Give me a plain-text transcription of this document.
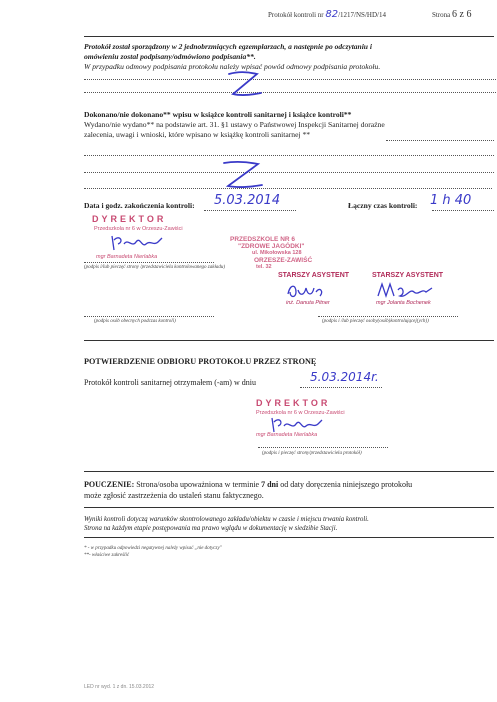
Protokół kontroli nr 82/1217/NS/HD/14	Strona 6 z 6
Protokół został sporządzony w 2 jednobrzmiących egzemplarzach, a następnie po odczytaniu i
omówieniu zostal podpisany/odmówiono podpisania**.
W przypadku odmowy podpisania protokołu należy wpisać powód odmowy podpisania protokołu.
Dokonano/nie dokonano** wpisu w książce kontroli sanitarnej i książce kontroli**
Wydano/nie wydano** na podstawie art. 31. §1 ustawy o Państwowej Inspekcji Sanitarnej doraźne
zalecenia, uwagi i wnioski, które wpisano w książkę kontroli sanitarnej **
Data i godz. zakończenia kontroli: 5.03.2014	Łączny czas kontroli: 1 h 40
DYREKTOR
Przedszkola nr 6 w Orzeszu-Zawiści
mgr Barnadeta Nierlabka
(podpis i/lub pieczęć strony /przedstawiciela kontrolowanego zakładu)
PRZEDSZKOLE NR 6
"ZDROWE JAGÓDKI"
ul. Mikołowska 128
ORZESZE-ZAWIŚĆ
tel. 32
STARSZY ASYSTENT
inż. Danuta Pitner
STARSZY ASYSTENT
mgr Jolanta Bochenek
(podpis osób obecnych podczas kontroli)	(podpis i /lub pieczęć osoby(osób)kontrolującej(ych))
POTWIERDZENIE ODBIORU PROTOKOŁU PRZEZ STRONĘ
Protokół kontroli sanitarnej otrzymałem (-am) w dniu	5.03.2014r.
DYREKTOR
Przedszkola nr 6 w Orzeszu-Zawiści
mgr Barnadeta Nierlabka
(podpis i pieczęć strony/przedstawiciela protokół)
POUCZENIE: Strona/osoba upoważniona w terminie 7 dni od daty doręczenia niniejszego protokołu
może zgłosić zastrzeżenia do ustaleń stanu faktycznego.
Wyniki kontroli dotyczą warunków skontrolowanego zakładu/obiektu w czasie i miejscu trwania kontroli.
Strona na każdym etapie postępowania ma prawo wglądu w dokumentację w siedzibie Stacji.
* - w przypadku odpowiedzi negatywnej należy wpisać „nie dotyczy"
**- właściwe zakreślić
LED nr wyd. 1 z dn. 15.03.2012
